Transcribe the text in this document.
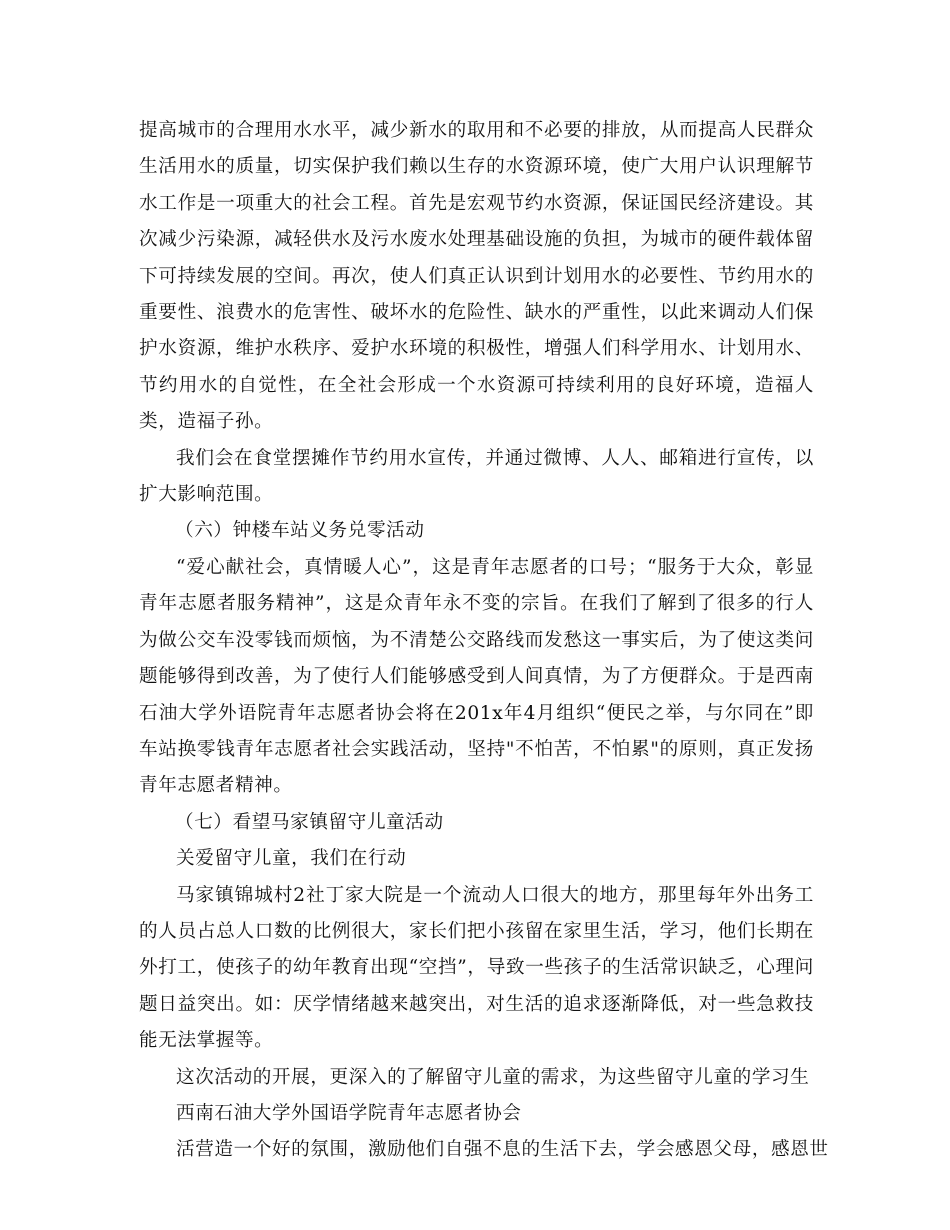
提高城市的合理用水水平，减少新水的取用和不必要的排放，从而提高人民群众生活用水的质量，切实保护我们赖以生存的水资源环境，使广大用户认识理解节水工作是一项重大的社会工程。首先是宏观节约水资源，保证国民经济建设。其次减少污染源，减轻供水及污水废水处理基础设施的负担，为城市的硬件载体留下可持续发展的空间。再次，使人们真正认识到计划用水的必要性、节约用水的重要性、浪费水的危害性、破坏水的危险性、缺水的严重性，以此来调动人们保护水资源，维护水秩序、爱护水环境的积极性，增强人们科学用水、计划用水、节约用水的自觉性，在全社会形成一个水资源可持续利用的良好环境，造福人类，造福子孙。

我们会在食堂摆摊作节约用水宣传，并通过微博、人人、邮箱进行宣传，以扩大影响范围。

（六）钟楼车站义务兑零活动

“爱心献社会，真情暖人心”，这是青年志愿者的口号；“服务于大众，彰显青年志愿者服务精神”，这是众青年永不变的宗旨。在我们了解到了很多的行人为做公交车没零钱而烦恼，为不清楚公交路线而发愁这一事实后，为了使这类问题能够得到改善，为了使行人们能够感受到人间真情，为了方便群众。于是西南石油大学外语院青年志愿者协会将在201x年4月组织“便民之举，与尔同在”即车站换零钱青年志愿者社会实践活动，坚持"不怕苦，不怕累"的原则，真正发扬青年志愿者精神。

（七）看望马家镇留守儿童活动

关爱留守儿童，我们在行动

马家镇锦城村2社丁家大院是一个流动人口很大的地方，那里每年外出务工的人员占总人口数的比例很大，家长们把小孩留在家里生活，学习，他们长期在外打工，使孩子的幼年教育出现“空挡”，导致一些孩子的生活常识缺乏，心理问题日益突出。如：厌学情绪越来越突出，对生活的追求逐渐降低，对一些急救技能无法掌握等。

这次活动的开展，更深入的了解留守儿童的需求，为这些留守儿童的学习生

西南石油大学外国语学院青年志愿者协会

活营造一个好的氛围，激励他们自强不息的生活下去，学会感恩父母，感恩世
